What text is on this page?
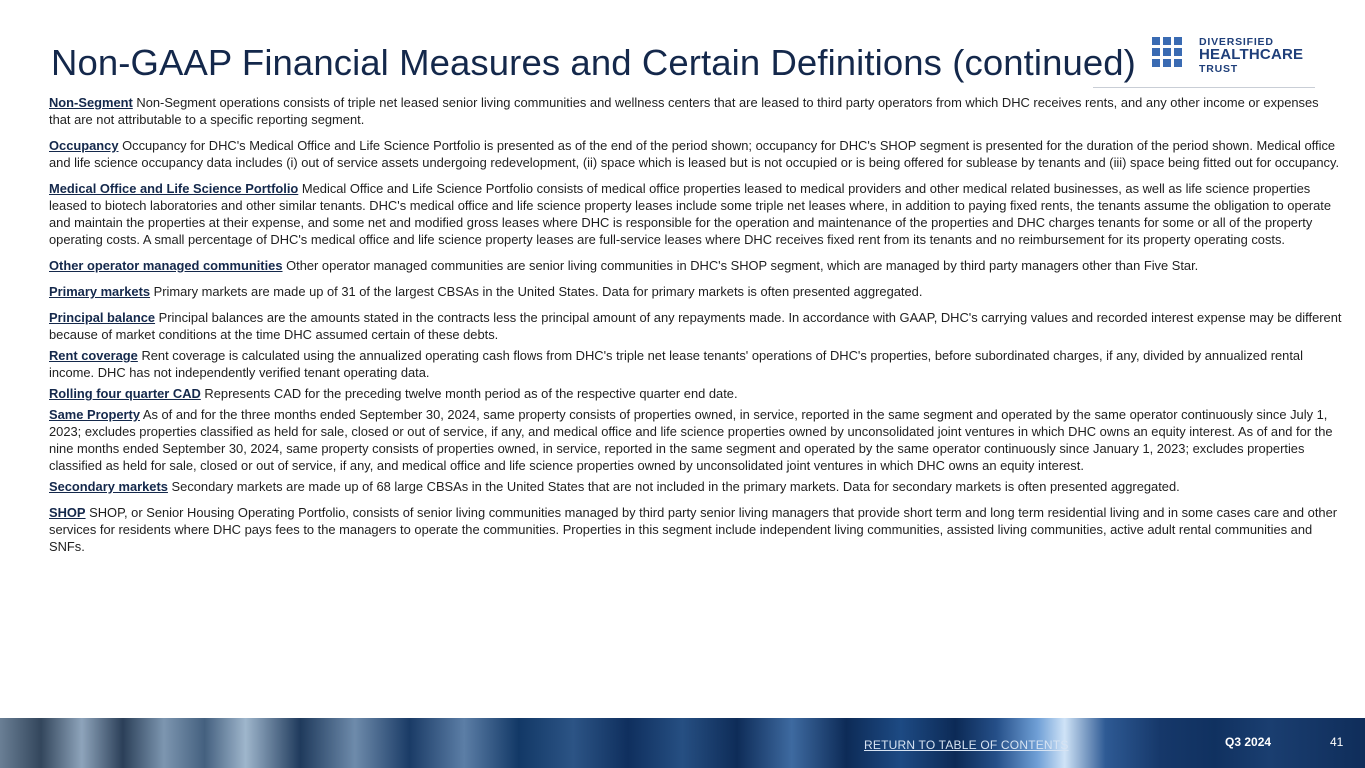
Non-GAAP Financial Measures and Certain Definitions (continued)	DIVERSIFIED
HEALTHCARE
TRUST

Non-Segment Non-Segment operations consists of triple net leased senior living communities and wellness centers that are leased to third party operators from which DHC receives rents, and any other income or expenses that are not attributable to a specific reporting segment.

Occupancy Occupancy for DHC's Medical Office and Life Science Portfolio is presented as of the end of the period shown; occupancy for DHC's SHOP segment is presented for the duration of the period shown. Medical office and life science occupancy data includes (i) out of service assets undergoing redevelopment, (ii) space which is leased but is not occupied or is being offered for sublease by tenants and (iii) space being fitted out for occupancy.

Medical Office and Life Science Portfolio Medical Office and Life Science Portfolio consists of medical office properties leased to medical providers and other medical related businesses, as well as life science properties leased to biotech laboratories and other similar tenants. DHC's medical office and life science property leases include some triple net leases where, in addition to paying fixed rents, the tenants assume the obligation to operate and maintain the properties at their expense, and some net and modified gross leases where DHC is responsible for the operation and maintenance of the properties and DHC charges tenants for some or all of the property operating costs. A small percentage of DHC's medical office and life science property leases are full-service leases where DHC receives fixed rent from its tenants and no reimbursement for its property operating costs.

Other operator managed communities Other operator managed communities are senior living communities in DHC's SHOP segment, which are managed by third party managers other than Five Star.

Primary markets Primary markets are made up of 31 of the largest CBSAs in the United States. Data for primary markets is often presented aggregated.

Principal balance Principal balances are the amounts stated in the contracts less the principal amount of any repayments made. In accordance with GAAP, DHC's carrying values and recorded interest expense may be different because of market conditions at the time DHC assumed certain of these debts.

Rent coverage Rent coverage is calculated using the annualized operating cash flows from DHC's triple net lease tenants' operations of DHC's properties, before subordinated charges, if any, divided by annualized rental income. DHC has not independently verified tenant operating data.

Rolling four quarter CAD Represents CAD for the preceding twelve month period as of the respective quarter end date.

Same Property As of and for the three months ended September 30, 2024, same property consists of properties owned, in service, reported in the same segment and operated by the same operator continuously since July 1, 2023; excludes properties classified as held for sale, closed or out of service, if any, and medical office and life science properties owned by unconsolidated joint ventures in which DHC owns an equity interest. As of and for the nine months ended September 30, 2024, same property consists of properties owned, in service, reported in the same segment and operated by the same operator continuously since January 1, 2023; excludes properties classified as held for sale, closed or out of service, if any, and medical office and life science properties owned by unconsolidated joint ventures in which DHC owns an equity interest.

Secondary markets Secondary markets are made up of 68 large CBSAs in the United States that are not included in the primary markets. Data for secondary markets is often presented aggregated.

SHOP SHOP, or Senior Housing Operating Portfolio, consists of senior living communities managed by third party senior living managers that provide short term and long term residential living and in some cases care and other services for residents where DHC pays fees to the managers to operate the communities. Properties in this segment include independent living communities, assisted living communities, active adult rental communities and SNFs.

RETURN TO TABLE OF CONTENTS	Q3 2024	41
